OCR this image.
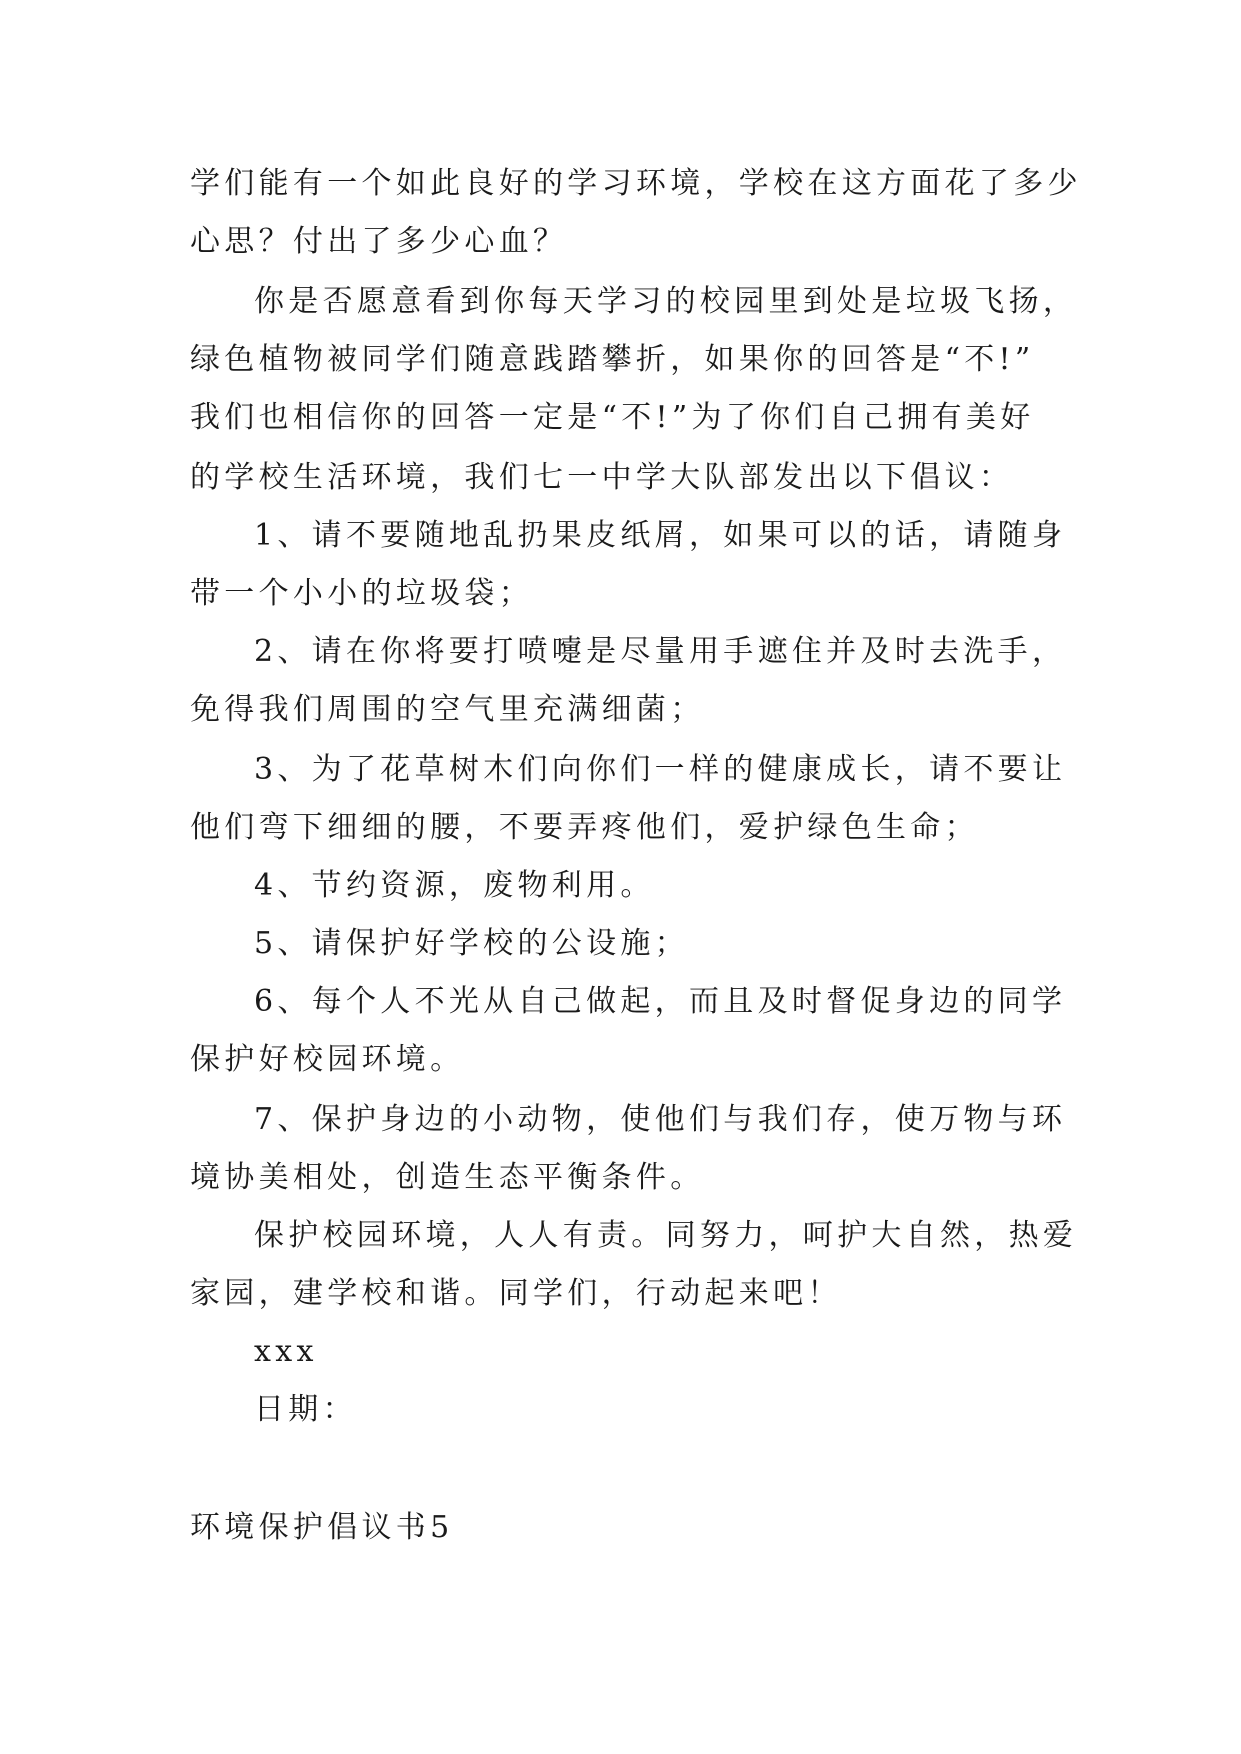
学们能有一个如此良好的学习环境，学校在这方面花了多少
心思？付出了多少心血？
你是否愿意看到你每天学习的校园里到处是垃圾飞扬，
绿色植物被同学们随意践踏攀折，如果你的回答是“不!”
我们也相信你的回答一定是“不!”为了你们自己拥有美好
的学校生活环境，我们七一中学大队部发出以下倡议：
1、请不要随地乱扔果皮纸屑，如果可以的话，请随身
带一个小小的垃圾袋；
2、请在你将要打喷嚏是尽量用手遮住并及时去洗手，
免得我们周围的空气里充满细菌；
3、为了花草树木们向你们一样的健康成长，请不要让
他们弯下细细的腰，不要弄疼他们，爱护绿色生命；
4、节约资源，废物利用。
5、请保护好学校的公设施；
6、每个人不光从自己做起，而且及时督促身边的同学
保护好校园环境。
7、保护身边的小动物，使他们与我们存，使万物与环
境协美相处，创造生态平衡条件。
保护校园环境，人人有责。同努力，呵护大自然，热爱
家园，建学校和谐。同学们，行动起来吧！
xxx
日期：
环境保护倡议书5
